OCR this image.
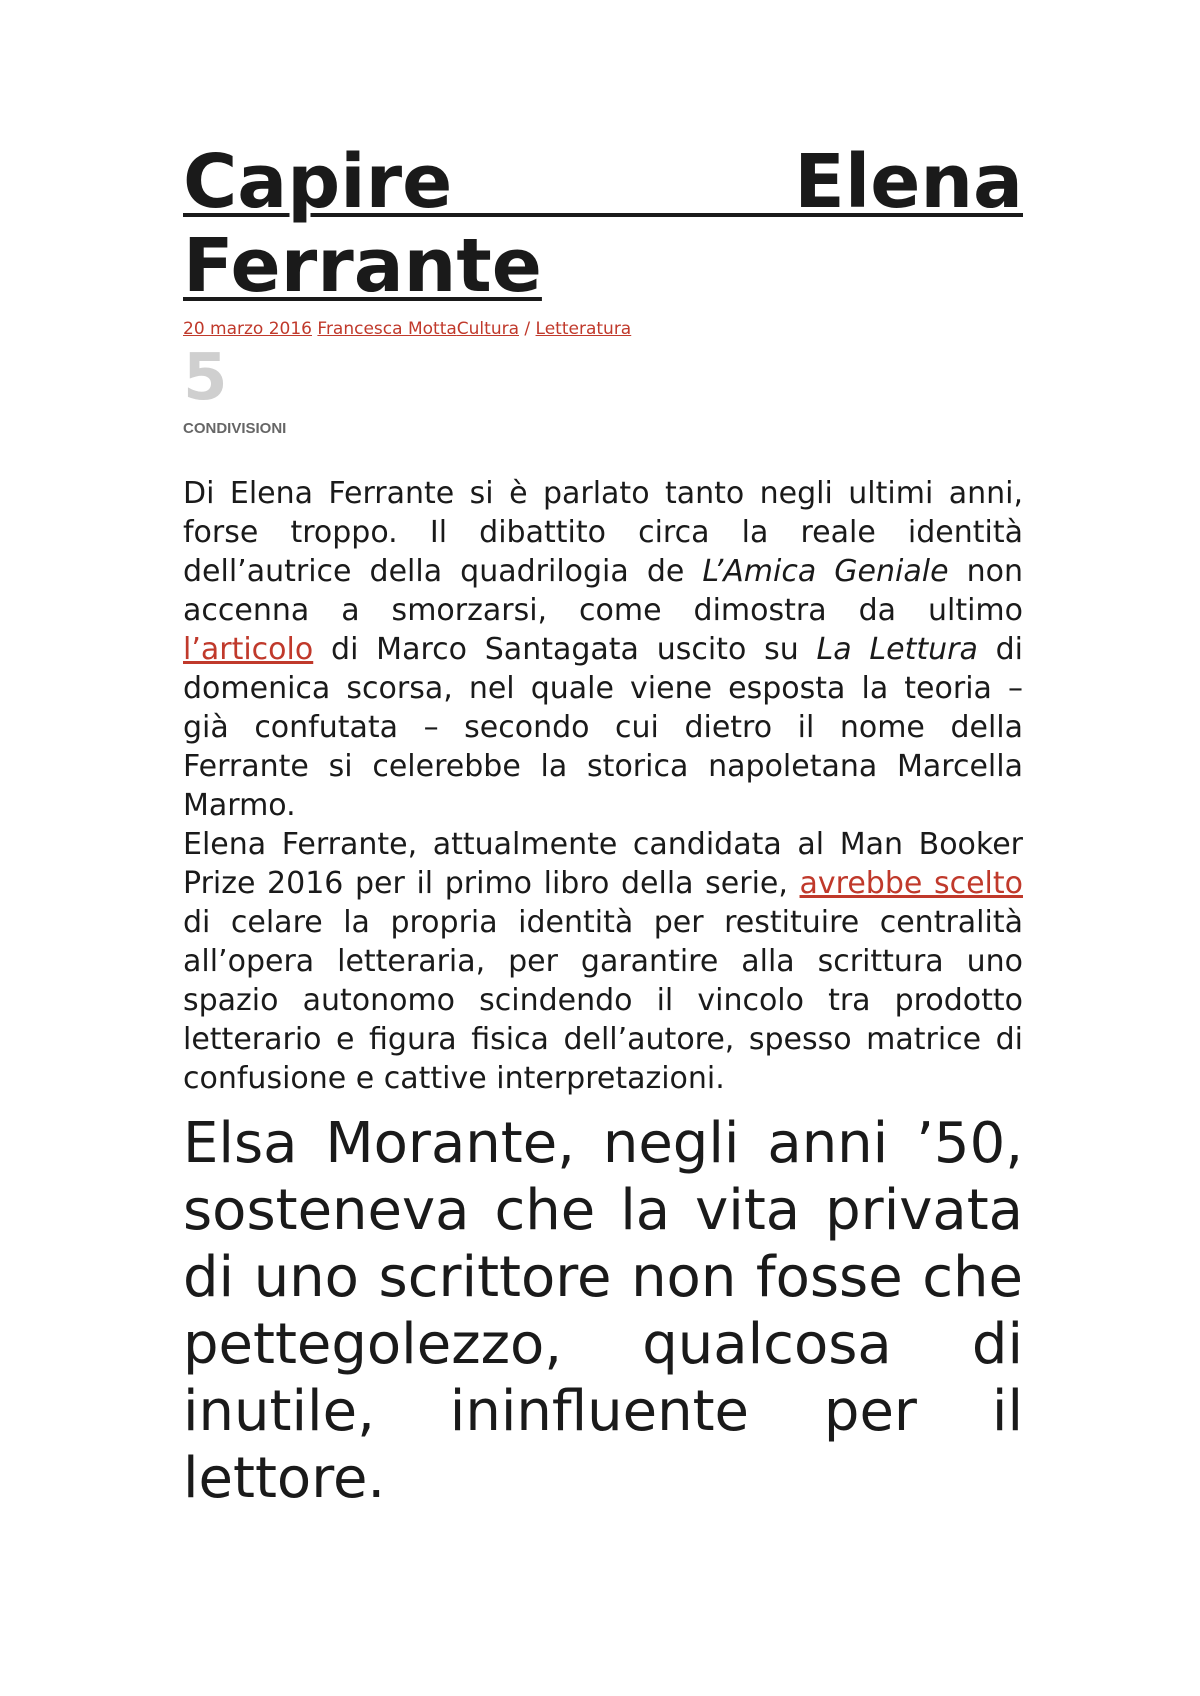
Capire Elena Ferrante
20 marzo 2016 Francesca MottaCultura / Letteratura
5
CONDIVISIONI

Di Elena Ferrante si è parlato tanto negli ultimi anni, forse troppo. Il dibattito circa la reale identità dell’autrice della quadrilogia de L’Amica Geniale non accenna a smorzarsi, come dimostra da ultimo l’articolo di Marco Santagata uscito su La Lettura di domenica scorsa, nel quale viene esposta la teoria – già confutata – secondo cui dietro il nome della Ferrante si celerebbe la storica napoletana Marcella Marmo.

Elena Ferrante, attualmente candidata al Man Booker Prize 2016 per il primo libro della serie, avrebbe scelto di celare la propria identità per restituire centralità all’opera letteraria, per garantire alla scrittura uno spazio autonomo scindendo il vincolo tra prodotto letterario e figura fisica dell’autore, spesso matrice di confusione e cattive interpretazioni.

Elsa Morante, negli anni ’50, sosteneva che la vita privata di uno scrittore non fosse che pettegolezzo, qualcosa di inutile, ininfluente per il lettore.
